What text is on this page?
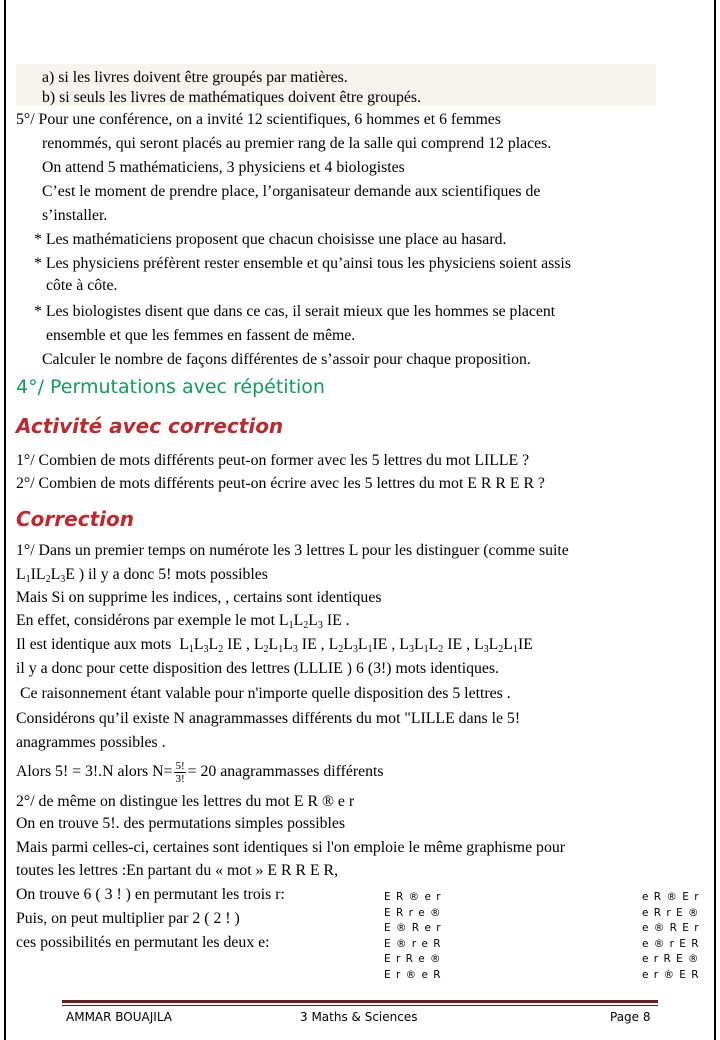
a) si les livres doivent être groupés par matières.
b) si seuls les livres de mathématiques doivent être groupés.
5°/ Pour une conférence, on a invité 12 scientifiques, 6 hommes et 6 femmes
renommés, qui seront placés au premier rang de la salle qui comprend 12 places.
On attend 5 mathématiciens, 3 physiciens et 4 biologistes
C’est le moment de prendre place, l’organisateur demande aux scientifiques de
s’installer.
* Les mathématiciens proposent que chacun choisisse une place au hasard.
* Les physiciens préfèrent rester ensemble et qu’ainsi tous les physiciens soient assis
côte à côte.
* Les biologistes disent que dans ce cas, il serait mieux que les hommes se placent
ensemble et que les femmes en fassent de même.
Calculer le nombre de façons différentes de s’assoir pour chaque proposition.
4°/ Permutations avec répétition
Activité avec correction
1°/ Combien de mots différents peut-on former avec les 5 lettres du mot LILLE ?
2°/ Combien de mots différents peut-on écrire avec les 5 lettres du mot E R R E R ?
Correction
1°/ Dans un premier temps on numérote les 3 lettres L pour les distinguer (comme suite
$L_1IL_2L_3E$ ) il y a donc 5! mots possibles
Mais Si on supprime les indices, , certains sont identiques
En effet, considérons par exemple le mot $L_1L_2L_3$ IE .
Il est identique aux mots  $L_1L_3L_2$ IE , $L_2L_1L_3$ IE , $L_2L_3L_1IE$ , $L_3L_1L_2$ IE , $L_3L_2L_1IE$
il y a donc pour cette disposition des lettres (LLLIE ) 6 (3!) mots identiques.
Ce raisonnement étant valable pour n'importe quelle disposition des 5 lettres .
Considérons qu’il existe N anagrammasses différents du mot "LILLE dans le 5!
anagrammes possibles .
Alors 5! = 3!.N alors $N= \frac{5!}{3!} = 20$ anagrammasses différents
2°/ de même on distingue les lettres du mot E R ® e r
On en trouve 5!. des permutations simples possibles
Mais parmi celles-ci, certaines sont identiques si l'on emploie le même graphisme pour
toutes les lettres :En partant du « mot » E R R E R,
On trouve 6 ( 3 ! ) en permutant les trois r:
Puis, on peut multiplier par 2 ( 2 ! )
ces possibilités en permutant les deux e:
E R ® e r
E R r e ®
E ® R e r
E ® r e R
E r R e ®
E r ® e R
e R ® E r
e R r E ®
e ® R E r
e ® r E R
e r R E ®
e r ® E R
AMMAR BOUAJILA	3 Maths & Sciences	Page 8
